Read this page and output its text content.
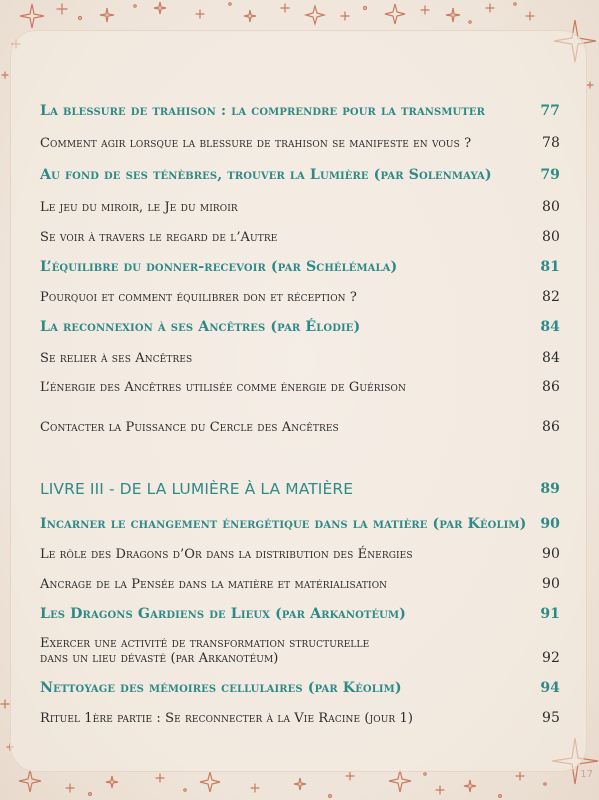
La blessure de trahison : la comprendre pour la transmuter	77
Comment agir lorsque la blessure de trahison se manifeste en vous ?	78
Au fond de ses ténèbres, trouver la Lumière (par Solenmaya)	79
Le jeu du miroir, le Je du miroir	80
Se voir à travers le regard de l’Autre	80
L’équilibre du donner-recevoir (par Schélémala)	81
Pourquoi et comment équilibrer don et réception ?	82
La reconnexion à ses Ancêtres (par Élodie)	84
Se relier à ses Ancêtres	84
L’énergie des Ancêtres utilisée comme énergie de Guérison	86
Contacter la Puissance du Cercle des Ancêtres	86
LIVRE III - DE LA LUMIÈRE À LA MATIÈRE	89
Incarner le changement énergétique dans la matière (par Kéolim) 90
Le rôle des Dragons d’Or dans la distribution des Énergies	90
Ancrage de la Pensée dans la matière et matérialisation	90
Les Dragons Gardiens de Lieux (par Arkanotéum)	91
Exercer une activité de transformation structurelle
dans un lieu dévasté (par Arkanotéum)	92
Nettoyage des mémoires cellulaires (par Kéolim)	94
Rituel 1ère partie : Se reconnecter à la Vie Racine (jour 1)	95
17
